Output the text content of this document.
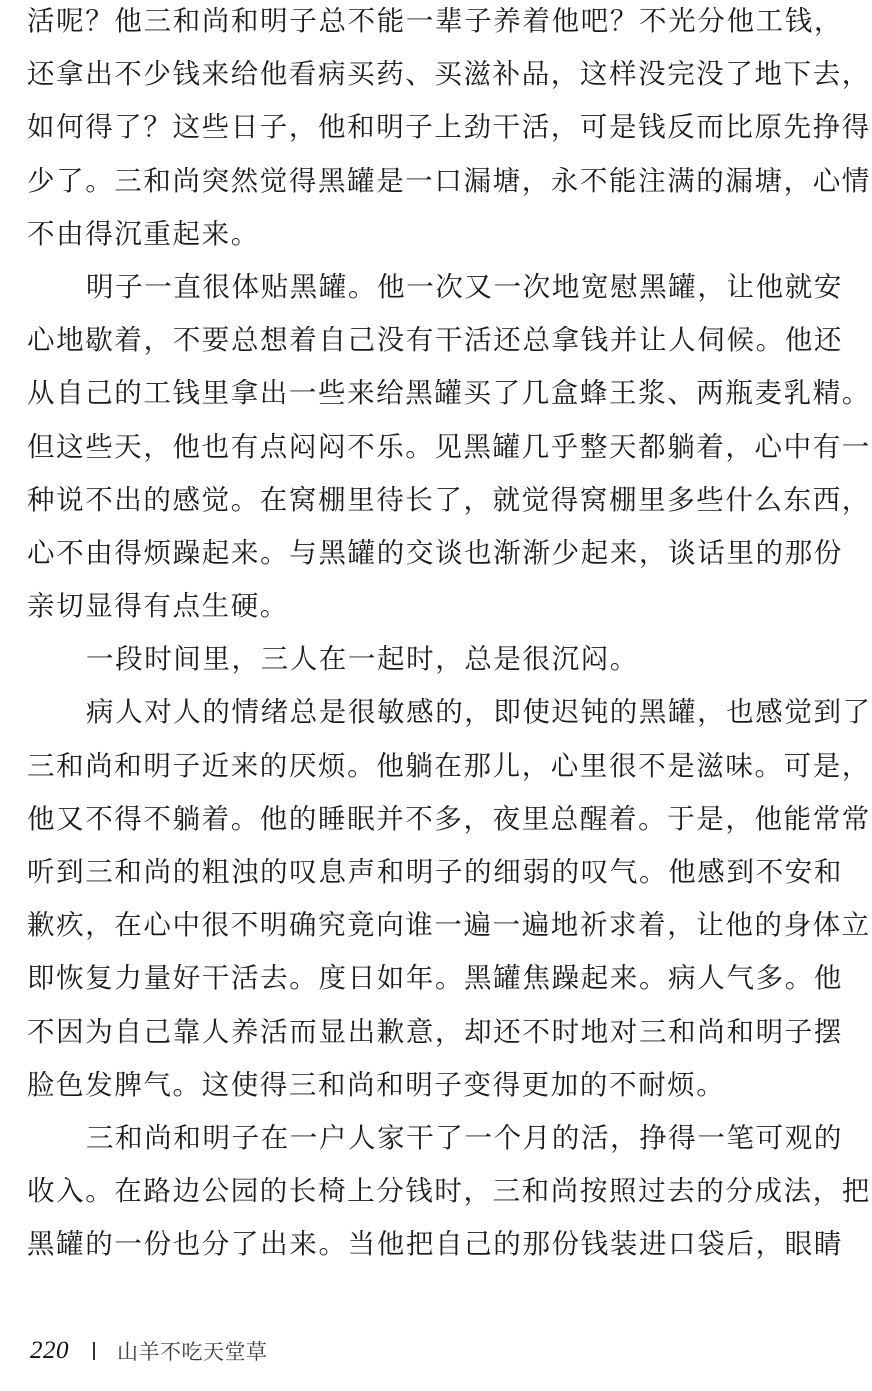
活呢？他三和尚和明子总不能一辈子养着他吧？不光分他工钱，
还拿出不少钱来给他看病买药、买滋补品，这样没完没了地下去，
如何得了？这些日子，他和明子上劲干活，可是钱反而比原先挣得
少了。三和尚突然觉得黑罐是一口漏塘，永不能注满的漏塘，心情
不由得沉重起来。
明子一直很体贴黑罐。他一次又一次地宽慰黑罐，让他就安
心地歇着，不要总想着自己没有干活还总拿钱并让人伺候。他还
从自己的工钱里拿出一些来给黑罐买了几盒蜂王浆、两瓶麦乳精。
但这些天，他也有点闷闷不乐。见黑罐几乎整天都躺着，心中有一
种说不出的感觉。在窝棚里待长了，就觉得窝棚里多些什么东西，
心不由得烦躁起来。与黑罐的交谈也渐渐少起来，谈话里的那份
亲切显得有点生硬。
一段时间里，三人在一起时，总是很沉闷。
病人对人的情绪总是很敏感的，即使迟钝的黑罐，也感觉到了
三和尚和明子近来的厌烦。他躺在那儿，心里很不是滋味。可是，
他又不得不躺着。他的睡眠并不多，夜里总醒着。于是，他能常常
听到三和尚的粗浊的叹息声和明子的细弱的叹气。他感到不安和
歉疚，在心中很不明确究竟向谁一遍一遍地祈求着，让他的身体立
即恢复力量好干活去。度日如年。黑罐焦躁起来。病人气多。他
不因为自己靠人养活而显出歉意，却还不时地对三和尚和明子摆
脸色发脾气。这使得三和尚和明子变得更加的不耐烦。
三和尚和明子在一户人家干了一个月的活，挣得一笔可观的
收入。在路边公园的长椅上分钱时，三和尚按照过去的分成法，把
黑罐的一份也分了出来。当他把自己的那份钱装进口袋后，眼睛
220 山羊不吃天堂草
